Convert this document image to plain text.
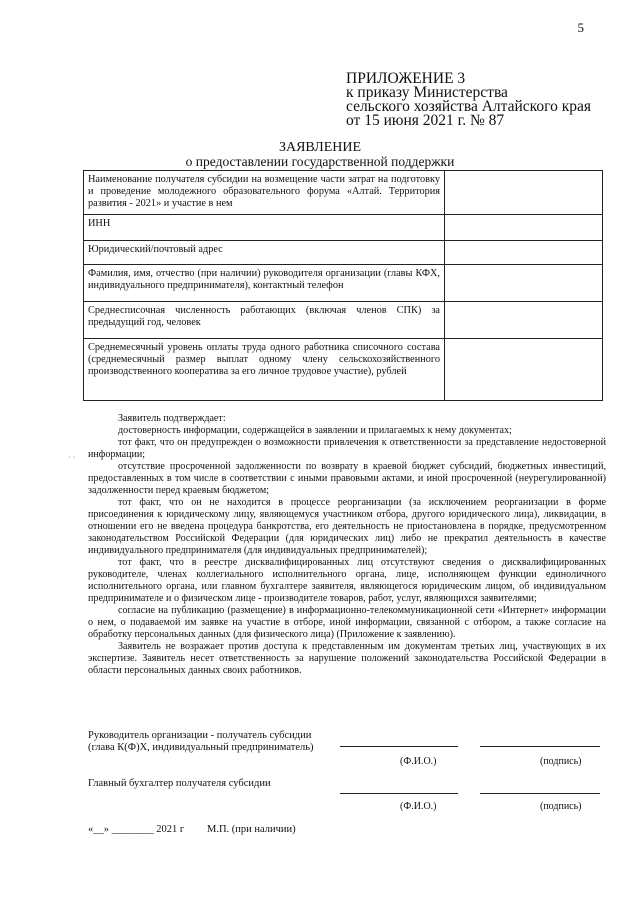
5
ПРИЛОЖЕНИЕ 3
к приказу Министерства
сельского хозяйства Алтайского края
от 15 июня 2021 г. № 87
ЗАЯВЛЕНИЕ
о предоставлении государственной поддержки
Наименование получателя субсидии на возмещение части затрат на подготовку и проведение молодежного образовательного форума «Алтай. Территория развития - 2021» и участие в нем	
ИНН	
Юридический/почтовый адрес	
Фамилия, имя, отчество (при наличии) руководителя организации (главы КФХ, индивидуального предпринимателя), контактный телефон	
Среднесписочная численность работающих (включая членов СПК) за предыдущий год, человек	
Среднемесячный уровень оплаты труда одного работника списочного состава (среднемесячный размер выплат одному члену сельскохозяйственного производственного кооператива за его личное трудовое участие), рублей	

Заявитель подтверждает:

достоверность информации, содержащейся в заявлении и прилагаемых к нему документах;

тот факт, что он предупрежден о возможности привлечения к ответственности за представление недостоверной информации;

отсутствие просроченной задолженности по возврату в краевой бюджет субсидий, бюджетных инвестиций, предоставленных в том числе в соответствии с иными правовыми актами, и иной просроченной (неурегулированной) задолженности перед краевым бюджетом;

тот факт, что он не находится в процессе реорганизации (за исключением реорганизации в форме присоединения к юридическому лицу, являющемуся участником отбора, другого юридического лица), ликвидации, в отношении его не введена процедура банкротства, его деятельность не приостановлена в порядке, предусмотренном законодательством Российской Федерации (для юридических лиц) либо не прекратил деятельность в качестве индивидуального предпринимателя (для индивидуальных предпринимателей);

тот факт, что в реестре дисквалифицированных лиц отсутствуют сведения о дисквалифицированных руководителе, членах коллегиального исполнительного органа, лице, исполняющем функции единоличного исполнительного органа, или главном бухгалтере заявителя, являющегося юридическим лицом, об индивидуальном предпринимателе и о физическом лице - производителе товаров, работ, услуг, являющихся заявителями;

согласие на публикацию (размещение) в информационно-телекоммуникационной сети «Интернет» информации о нем, о подаваемой им заявке на участие в отборе, иной информации, связанной с отбором, а также согласие на обработку персональных данных (для физического лица) (Приложение к заявлению).

Заявитель не возражает против доступа к представленным им документам третьих лиц, участвующих в их экспертизе. Заявитель несет ответственность за нарушение положений законодательства Российской Федерации в области персональных данных своих работников.

· ·
Руководитель организации - получатель субсидии
(глава К(Ф)Х, индивидуальный предприниматель)
(Ф.И.О.)	(подпись)
Главный бухгалтер получателя субсидии
(Ф.И.О.)	(подпись)
«__» ________ 2021 г М.П. (при наличии)
